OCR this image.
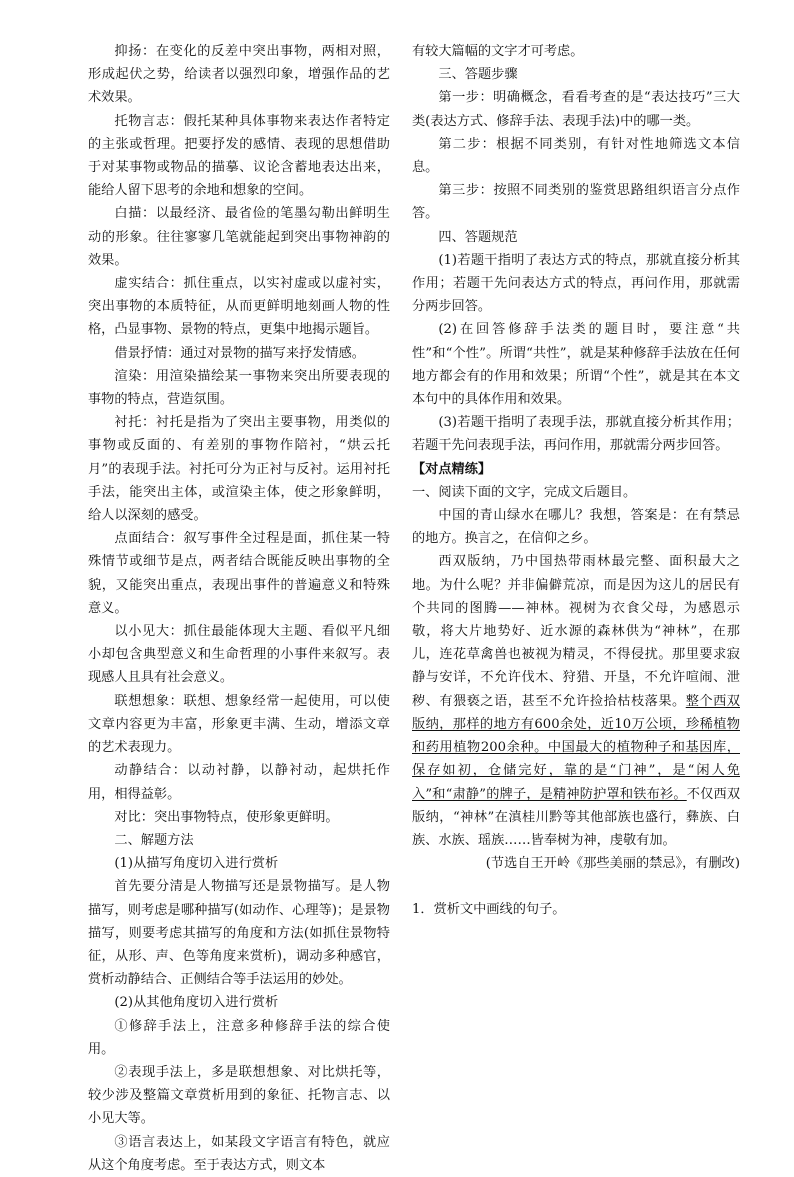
抑扬：在变化的反差中突出事物，两相对照，形成起伏之势，给读者以强烈印象，增强作品的艺术效果。

托物言志：假托某种具体事物来表达作者特定的主张或哲理。把要抒发的感情、表现的思想借助于对某事物或物品的描摹、议论含蓄地表达出来，能给人留下思考的余地和想象的空间。

白描：以最经济、最省俭的笔墨勾勒出鲜明生动的形象。往往寥寥几笔就能起到突出事物神韵的效果。

虚实结合：抓住重点，以实衬虚或以虚衬实，突出事物的本质特征，从而更鲜明地刻画人物的性格，凸显事物、景物的特点，更集中地揭示题旨。

借景抒情：通过对景物的描写来抒发情感。

渲染：用渲染描绘某一事物来突出所要表现的事物的特点，营造氛围。

衬托：衬托是指为了突出主要事物，用类似的事物或反面的、有差别的事物作陪衬，“烘云托月”的表现手法。衬托可分为正衬与反衬。运用衬托手法，能突出主体，或渲染主体，使之形象鲜明，给人以深刻的感受。

点面结合：叙写事件全过程是面，抓住某一特殊情节或细节是点，两者结合既能反映出事物的全貌，又能突出重点，表现出事件的普遍意义和特殊意义。

以小见大：抓住最能体现大主题、看似平凡细小却包含典型意义和生命哲理的小事件来叙写。表现感人且具有社会意义。

联想想象：联想、想象经常一起使用，可以使文章内容更为丰富，形象更丰满、生动，增添文章的艺术表现力。

动静结合：以动衬静，以静衬动，起烘托作用，相得益彰。

对比：突出事物特点，使形象更鲜明。

二、解题方法

(1)从描写角度切入进行赏析

首先要分清是人物描写还是景物描写。是人物描写，则考虑是哪种描写(如动作、心理等)；是景物描写，则要考虑其描写的角度和方法(如抓住景物特征，从形、声、色等角度来赏析)，调动多种感官，赏析动静结合、正侧结合等手法运用的妙处。

(2)从其他角度切入进行赏析

①修辞手法上，注意多种修辞手法的综合使用。

②表现手法上，多是联想想象、对比烘托等，较少涉及整篇文章赏析用到的象征、托物言志、以小见大等。

③语言表达上，如某段文字语言有特色，就应从这个角度考虑。至于表达方式，则文本

有较大篇幅的文字才可考虑。

三、答题步骤

第一步：明确概念，看看考查的是“表达技巧”三大类(表达方式、修辞手法、表现手法)中的哪一类。

第二步：根据不同类别，有针对性地筛选文本信息。

第三步：按照不同类别的鉴赏思路组织语言分点作答。

四、答题规范

(1)若题干指明了表达方式的特点，那就直接分析其作用；若题干先问表达方式的特点，再问作用，那就需分两步回答。

(2)在回答修辞手法类的题目时，要注意“共性”和“个性”。所谓“共性”，就是某种修辞手法放在任何地方都会有的作用和效果；所谓“个性”，就是其在本文本句中的具体作用和效果。

(3)若题干指明了表现手法，那就直接分析其作用；若题干先问表现手法，再问作用，那就需分两步回答。

【对点精练】

一、阅读下面的文字，完成文后题目。

中国的青山绿水在哪儿？我想，答案是：在有禁忌的地方。换言之，在信仰之乡。

西双版纳，乃中国热带雨林最完整、面积最大之地。为什么呢？并非偏僻荒凉，而是因为这儿的居民有个共同的图腾——神林。视树为衣食父母，为感恩示敬，将大片地势好、近水源的森林供为“神林”，在那儿，连花草禽兽也被视为精灵，不得侵扰。那里要求寂静与安详，不允许伐木、狩猎、开垦，不允许喧闹、泄秽、有猥亵之语，甚至不允许捡拾枯枝落果。整个西双版纳，那样的地方有600余处，近10万公顷，珍稀植物和药用植物200余种。中国最大的植物种子和基因库，保存如初，仓储完好，靠的是“门神”，是“闲人免入”和“肃静”的牌子，是精神防护罩和铁布衫。不仅西双版纳，“神林”在滇桂川黔等其他部族也盛行，彝族、白族、水族、瑶族……皆奉树为神，虔敬有加。

(节选自王开岭《那些美丽的禁忌》，有删改)

1．赏析文中画线的句子。
